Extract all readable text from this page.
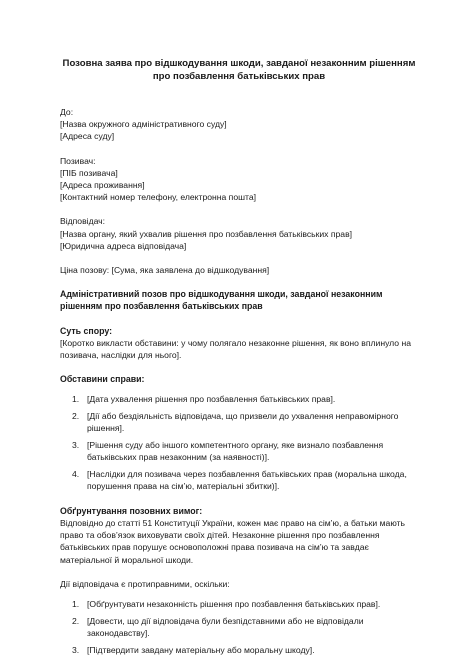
Позовна заява про відшкодування шкоди, завданої незаконним рішенням
про позбавлення батьківських прав

До:

[Назва окружного адміністративного суду]

[Адреса суду]

Позивач:

[ПІБ позивача]

[Адреса проживання]

[Контактний номер телефону, електронна пошта]

Відповідач:

[Назва органу, який ухвалив рішення про позбавлення батьківських прав]

[Юридична адреса відповідача]

Ціна позову: [Сума, яка заявлена до відшкодування]

Адміністративний позов про відшкодування шкоди, завданої незаконним

рішенням про позбавлення батьківських прав

Суть спору:

[Коротко викласти обставини: у чому полягало незаконне рішення, як воно вплинуло на

позивача, наслідки для нього].

Обставини справи:

1. [Дата ухвалення рішення про позбавлення батьківських прав].
2. [Дії або бездіяльність відповідача, що призвели до ухвалення неправомірного
рішення].
3. [Рішення суду або іншого компетентного органу, яке визнало позбавлення
батьківських прав незаконним (за наявності)].
4. [Наслідки для позивача через позбавлення батьківських прав (моральна шкода,
порушення права на сім’ю, матеріальні збитки)].

Обґрунтування позовних вимог:

Відповідно до статті 51 Конституції України, кожен має право на сім’ю, а батьки мають

право та обов’язок виховувати своїх дітей. Незаконне рішення про позбавлення

батьківських прав порушує основоположні права позивача на сім’ю та завдає

матеріальної й моральної шкоди.

Дії відповідача є протиправними, оскільки:

1. [Обґрунтувати незаконність рішення про позбавлення батьківських прав].
2. [Довести, що дії відповідача були безпідставними або не відповідали
законодавству].
3. [Підтвердити завдану матеріальну або моральну шкоду].
